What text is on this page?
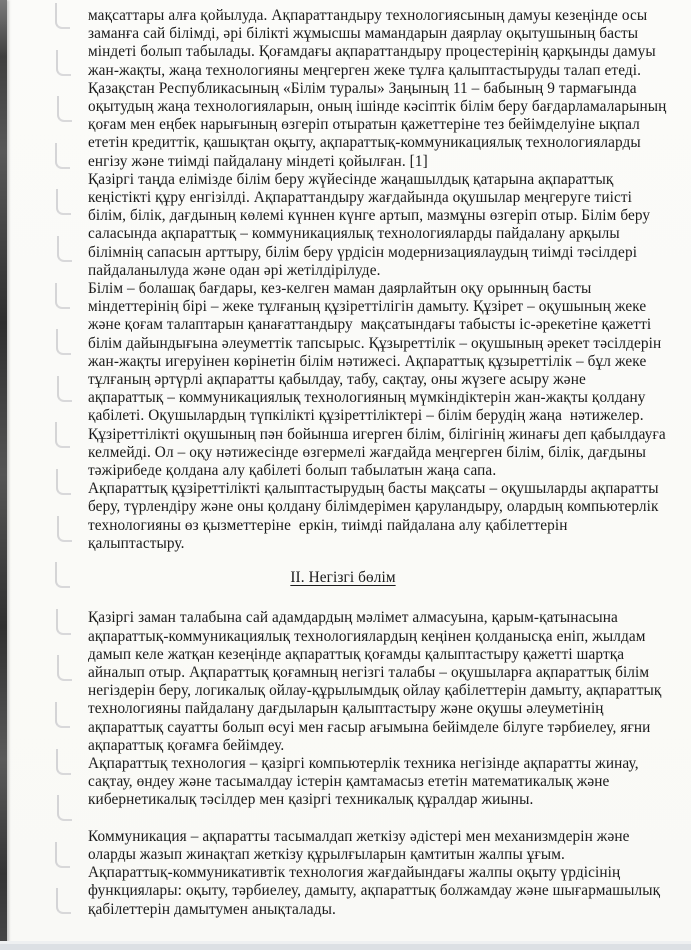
мақсаттары алға қойылуда. Ақпараттандыру технологиясының дамуы кезеңінде осы
заманға сай білімді, әрі білікті жұмысшы мамандарын даярлау оқытушының басты
міндеті болып табылады. Қоғамдағы ақпараттандыру процестерінің қарқынды дамуы
жан-жақты, жаңа технологияны меңгерген жеке тұлға қалыптастыруды талап етеді.
Қазақстан Республикасының «Білім туралы» Заңының 11 – бабының 9 тармағында
оқытудың жаңа технологияларын, оның ішінде кәсіптік білім беру бағдарламаларының
қоғам мен еңбек нарығының өзгеріп отыратын қажеттеріне тез бейімделуіне ықпал
ететін кредиттік, қашықтан оқыту, ақпараттық-коммуникациялық технологияларды
енгізу және тиімді пайдалану міндеті қойылған. [1]
Қазіргі таңда елімізде білім беру жүйесінде жаңашылдық қатарына ақпараттық
кеңістікті құру енгізілді. Ақпараттандыру жағдайында оқушылар меңгеруге тиісті
білім, білік, дағдының көлемі күннен күнге артып, мазмұны өзгеріп отыр. Білім беру
саласында ақпараттық – коммуникациялық технологияларды пайдалану арқылы
білімнің сапасын арттыру, білім беру үрдісін модернизациялаудың тиімді тәсілдері
пайдаланылуда және одан әрі жетілдірілуде.
Білім – болашақ бағдары, кез-келген маман даярлайтын оқу орынның басты
міндеттерінің бірі – жеке тұлғаның құзіреттілігін дамыту. Құзірет – оқушының жеке
және қоғам талаптарын қанағаттандыру  мақсатындағы табысты іс-әрекетіне қажетті
білім дайындығына әлеуметтік тапсырыс. Құзыреттілік – оқушының әрекет тәсілдерін
жан-жақты игеруінен көрінетін білім нәтижесі. Ақпараттық құзыреттілік – бұл жеке
тұлғаның әртүрлі ақпаратты қабылдау, табу, сақтау, оны жүзеге асыру және
ақпараттық – коммуникациялық технологияның мүмкіндіктерін жан-жақты қолдану
қабілеті. Оқушылардың түпкілікті құзіреттіліктері – білім берудің жаңа  нәтижелер.
Құзіреттілікті оқушының пән бойынша игерген білім, білігінің жинағы деп қабылдауға
келмейді. Ол – оқу нәтижесінде өзгермелі жағдайда меңгерген білім, білік, дағдыны
тәжірибеде қолдана алу қабілеті болып табылатын жаңа сапа.
Ақпараттық құзіреттілікті қалыптастырудың басты мақсаты – оқушыларды ақпаратты
беру, түрлендіру және оны қолдану білімдерімен қаруландыру, олардың компьютерлік
технологияны өз қызметтеріне  еркін, тиімді пайдалана алу қабілеттерін
қалыптастыру.
II. Негізгі бөлім
Қазіргі заман талабына сай адамдардың мәлімет алмасуына, қарым-қатынасына
ақпараттық-коммуникациялық технологиялардың кеңінен қолданысқа еніп, жылдам
дамып келе жатқан кезеңінде ақпараттық қоғамды қалыптастыру қажетті шартқа
айналып отыр. Ақпараттық қоғамның негізгі талабы – оқушыларға ақпараттық білім
негіздерін беру, логикалық ойлау-құрылымдық ойлау қабілеттерін дамыту, ақпараттық
технологияны пайдалану дағдыларын қалыптастыру және оқушы әлеуметінің
ақпараттық сауатты болып өсуі мен ғасыр ағымына бейімделе білуге тәрбиелеу, яғни
ақпараттық қоғамға бейімдеу.
Ақпараттық технология – қазіргі компьютерлік техника негізінде ақпаратты жинау,
сақтау, өндеу және тасымалдау істерін қамтамасыз ететін математикалық және
кибернетикалық тәсілдер мен қазіргі техникалық құралдар жиыны.
Коммуникация – ақпаратты тасымалдап жеткізу әдістері мен механизмдерін және
оларды жазып жинақтап жеткізу құрылғыларын қамтитын жалпы ұғым.
Ақпараттық-коммуникативтік технология жағдайындағы жалпы оқыту үрдісінің
функциялары: оқыту, тәрбиелеу, дамыту, ақпараттық болжамдау және шығармашылық
қабілеттерін дамытумен анықталады.
